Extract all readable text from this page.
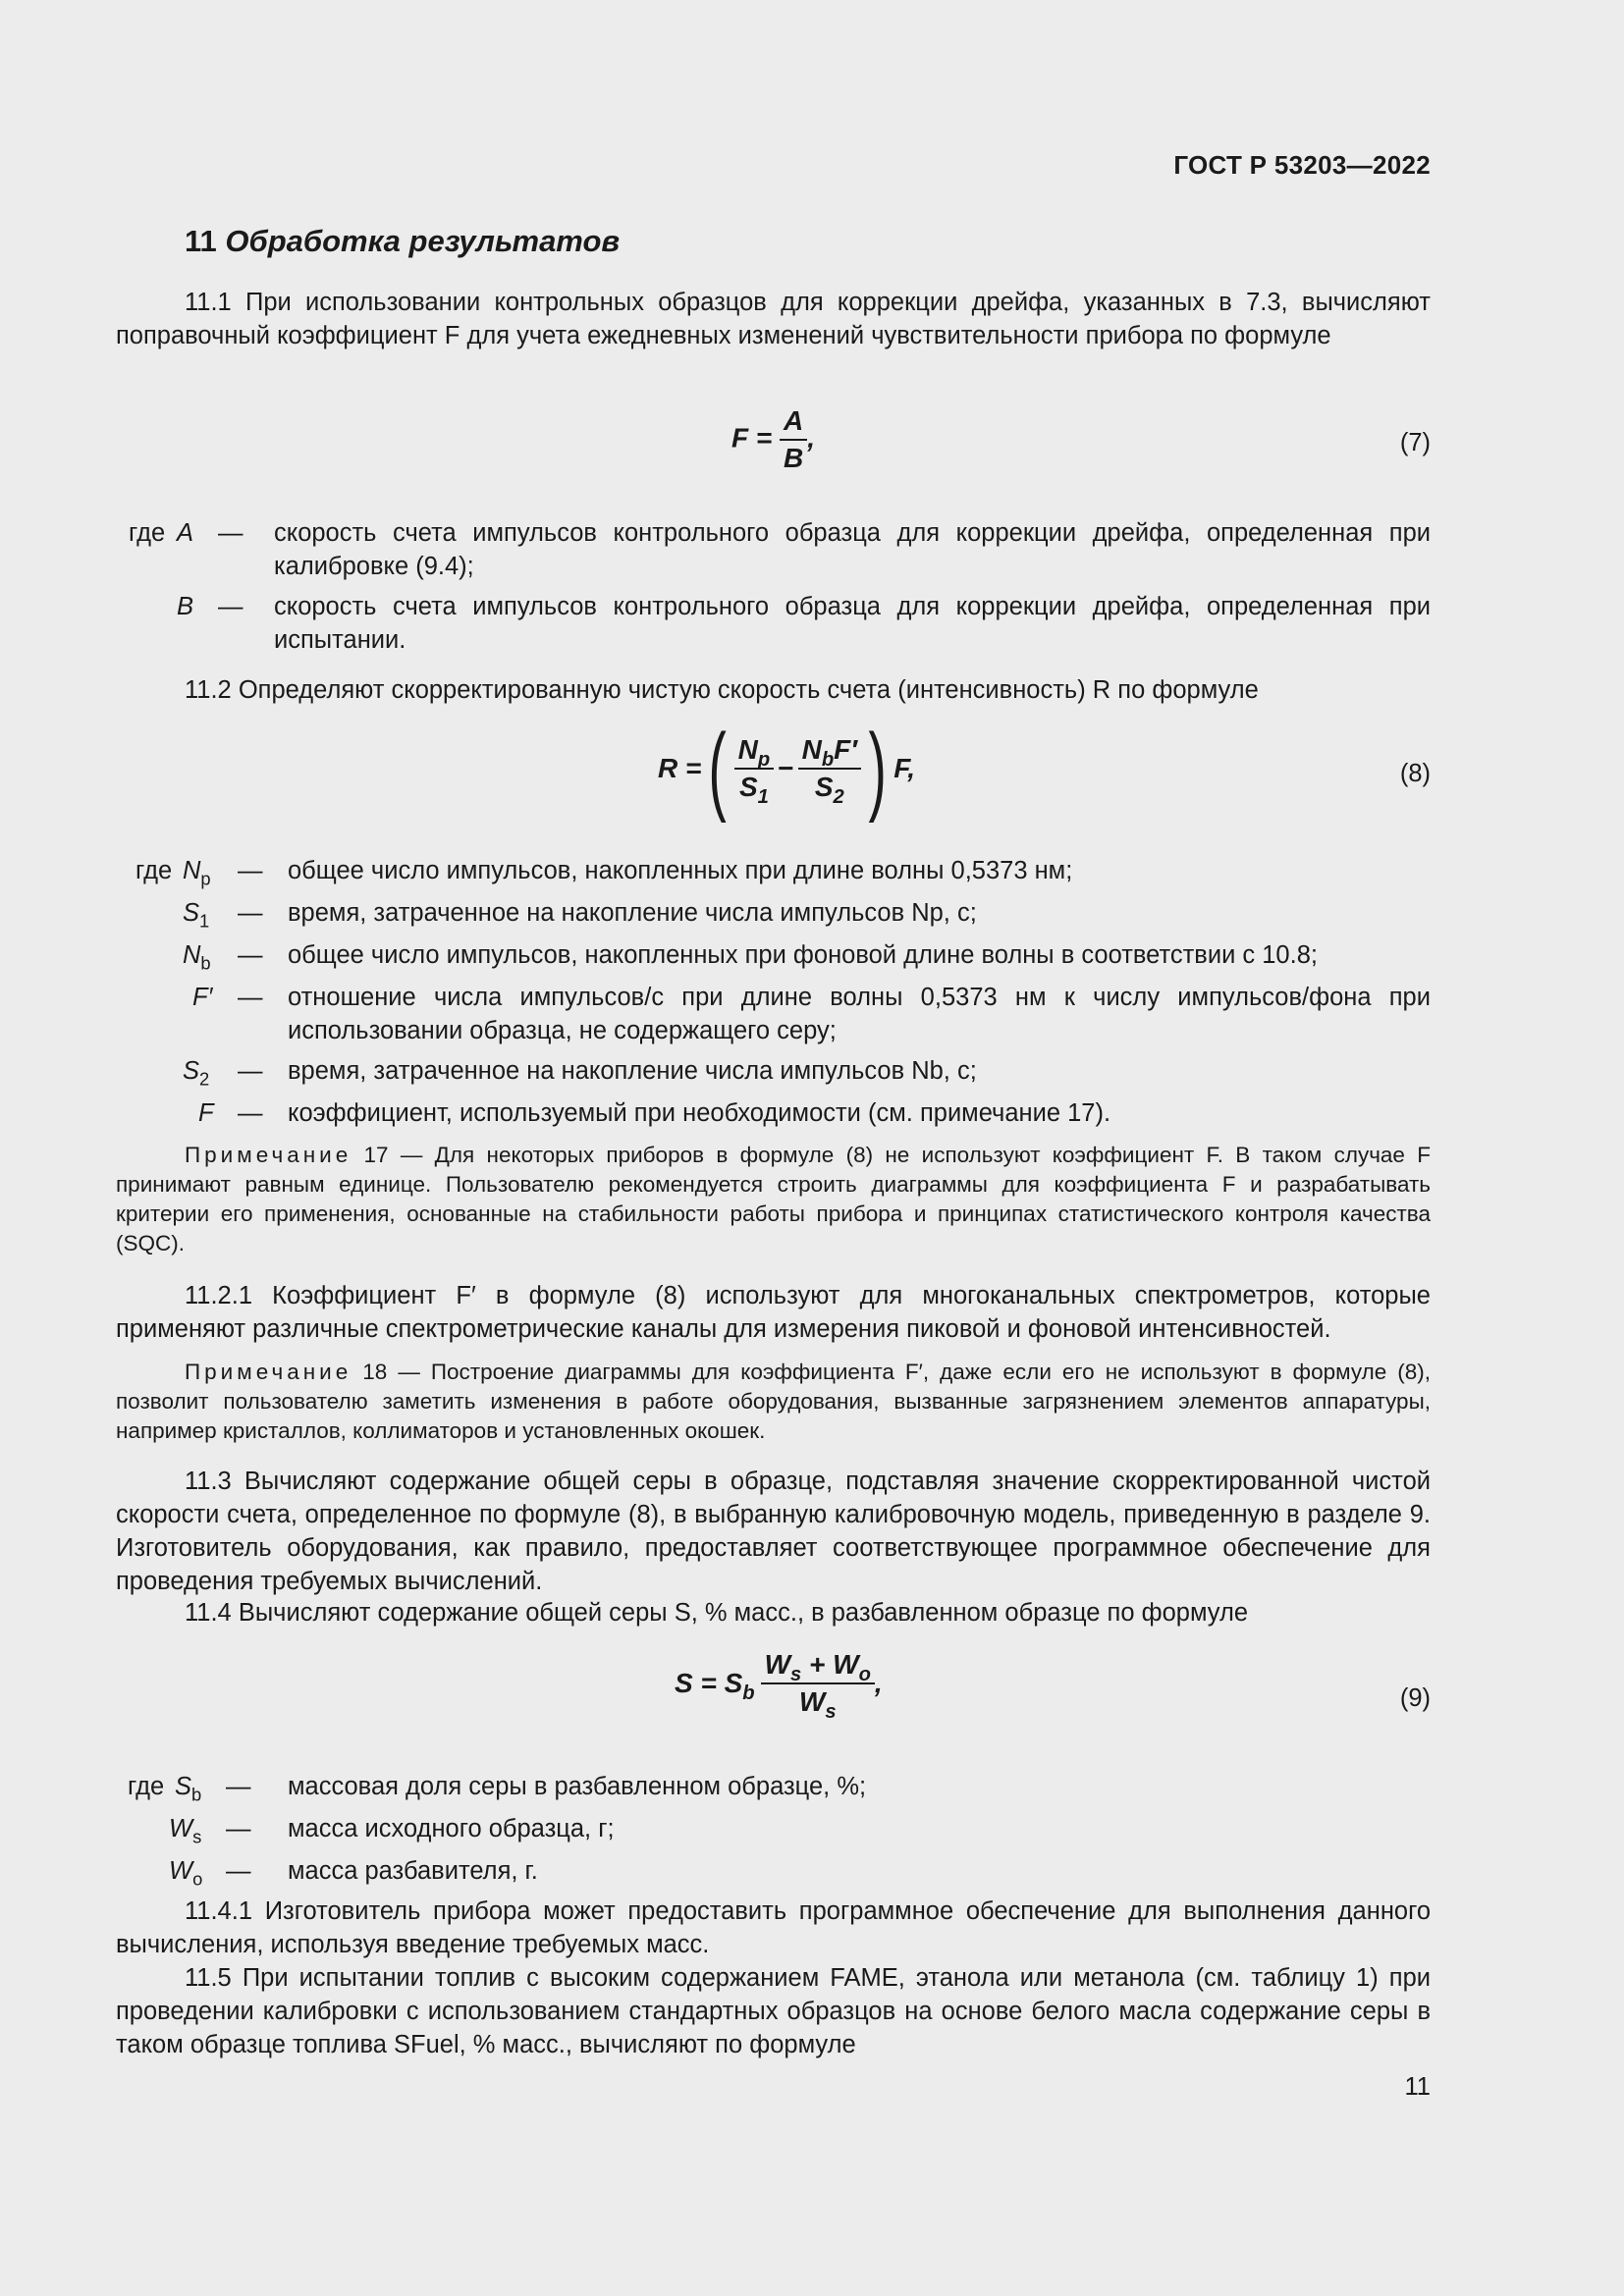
ГОСТ Р 53203—2022
11 Обработка результатов
11.1 При использовании контрольных образцов для коррекции дрейфа, указанных в 7.3, вычисляют поправочный коэффициент F для учета ежедневных изменений чувствительности прибора по формуле
$F = \frac{A}{B}$ ,	(7)
где A — скорость счета импульсов контрольного образца для коррекции дрейфа, определенная при калибровке (9.4);
B — скорость счета импульсов контрольного образца для коррекции дрейфа, определенная при испытании.
11.2 Определяют скорректированную чистую скорость счета (интенсивность) R по формуле
R = ( $\frac{N_p}{S_1} - \frac{N_bF'}{S_2}$ ) F,	(8)
где $N_p$ — общее число импульсов, накопленных при длине волны 0,5373 нм;
$S_1$ — время, затраченное на накопление числа импульсов Np, с;
$N_b$ — общее число импульсов, накопленных при фоновой длине волны в соответствии с 10.8;
F′ — отношение числа импульсов/с при длине волны 0,5373 нм к числу импульсов/фона при использовании образца, не содержащего серу;
$S_2$ — время, затраченное на накопление числа импульсов Nb, с;
F — коэффициент, используемый при необходимости (см. примечание 17).
Примечание 17 — Для некоторых приборов в формуле (8) не используют коэффициент F. В таком случае F принимают равным единице. Пользователю рекомендуется строить диаграммы для коэффициента F и разрабатывать критерии его применения, основанные на стабильности работы прибора и принципах статистического контроля качества (SQC).
11.2.1 Коэффициент F′ в формуле (8) используют для многоканальных спектрометров, которые применяют различные спектрометрические каналы для измерения пиковой и фоновой интенсивностей.
Примечание 18 — Построение диаграммы для коэффициента F′, даже если его не используют в формуле (8), позволит пользователю заметить изменения в работе оборудования, вызванные загрязнением элементов аппаратуры, например кристаллов, коллиматоров и установленных окошек.
11.3 Вычисляют содержание общей серы в образце, подставляя значение скорректированной чистой скорости счета, определенное по формуле (8), в выбранную калибровочную модель, приведенную в разделе 9. Изготовитель оборудования, как правило, предоставляет соответствующее программное обеспечение для проведения требуемых вычислений.
11.4 Вычисляют содержание общей серы S, % масс., в разбавленном образце по формуле
$S = S_b \frac{W_s + W_o}{W_s}$ ,	(9)
где $S_b$ — массовая доля серы в разбавленном образце, %;
$W_s$ — масса исходного образца, г;
$W_o$ — масса разбавителя, г.
11.4.1 Изготовитель прибора может предоставить программное обеспечение для выполнения данного вычисления, используя введение требуемых масс.
11.5 При испытании топлив с высоким содержанием FAME, этанола или метанола (см. таблицу 1) при проведении калибровки с использованием стандартных образцов на основе белого масла содержание серы в таком образце топлива SFuel, % масс., вычисляют по формуле
11
